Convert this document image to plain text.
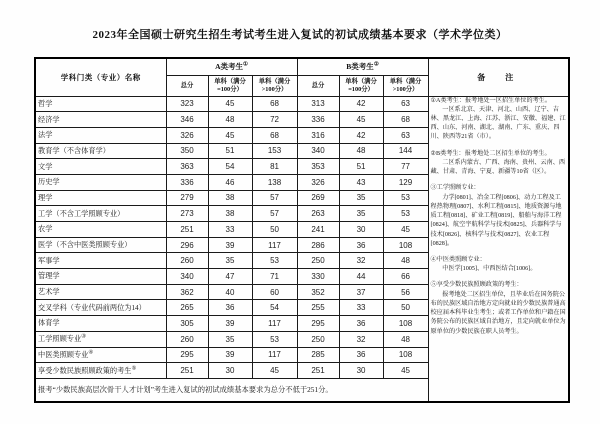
2023年全国硕士研究生招生考试考生进入复试的初试成绩基本要求（学术学位类）
学科门类（专业）名称	A类考生①			B类考生②			备　注
	总分	单科（满分=100分）	单科（满分>100分）	总分	单科（满分=100分）	单科（满分>100分）	
哲学	323	45	68	313	42	63	①A类考生：报考地处一区招生单位的考生。
一区系北京、天津、河北、山西、辽宁、吉林、黑龙江、上海、江苏、浙江、安徽、福建、江西、山东、河南、湖北、湖南、广东、重庆、四川、陕西等21省（市）。
②B类考生：报考地处二区招生单位的考生。
二区系内蒙古、广西、海南、贵州、云南、西藏、甘肃、青海、宁夏、新疆等10省（区）。
③工学照顾专业：
力学[0801]、冶金工程[0806]、动力工程及工程热物理[0807]、水利工程[0815]、地质资源与地质工程[0818]、矿业工程[0819]、船舶与海洋工程[0824]、航空宇航科学与技术[0825]、兵器科学与技术[0826]、核科学与技术[0827]、农业工程[0828]。
④中医类照顾专业：
中医学[1005]、中西医结合[1006]。
⑤享受少数民族照顾政策的考生：
报考地处二区招生单位，且毕业后在国务院公布的民族区域自治地方定向就业的少数民族普通高校应届本科毕业生考生；或者工作单位和户籍在国务院公布的民族区域自治地方，且定向就业单位为原单位的少数民族在职人员考生。

经济学	346	48	72	336	45	68	
法学	326	45	68	316	42	63	
教育学（不含体育学）	350	51	153	340	48	144	
文学	363	54	81	353	51	77	
历史学	336	46	138	326	43	129	
理学	279	38	57	269	35	53	
工学（不含工学照顾专业）	273	38	57	263	35	53	
农学	251	33	50	241	30	45	
医学（不含中医类照顾专业）	296	39	117	286	36	108	
军事学	260	35	53	250	32	48	
管理学	340	47	71	330	44	66	
艺术学	362	40	60	352	37	56	
交叉学科（专业代码前两位为14）	265	36	54	255	33	50	
体育学	305	39	117	295	36	108	
工学照顾专业③	260	35	53	250	32	48	
中医类照顾专业④	295	39	117	285	36	108	
享受少数民族照顾政策的考生⑤	251	30	45	251	30	45	
报考“少数民族高层次骨干人才计划”考生进入复试的初试成绩基本要求为总分不低于251分。							
